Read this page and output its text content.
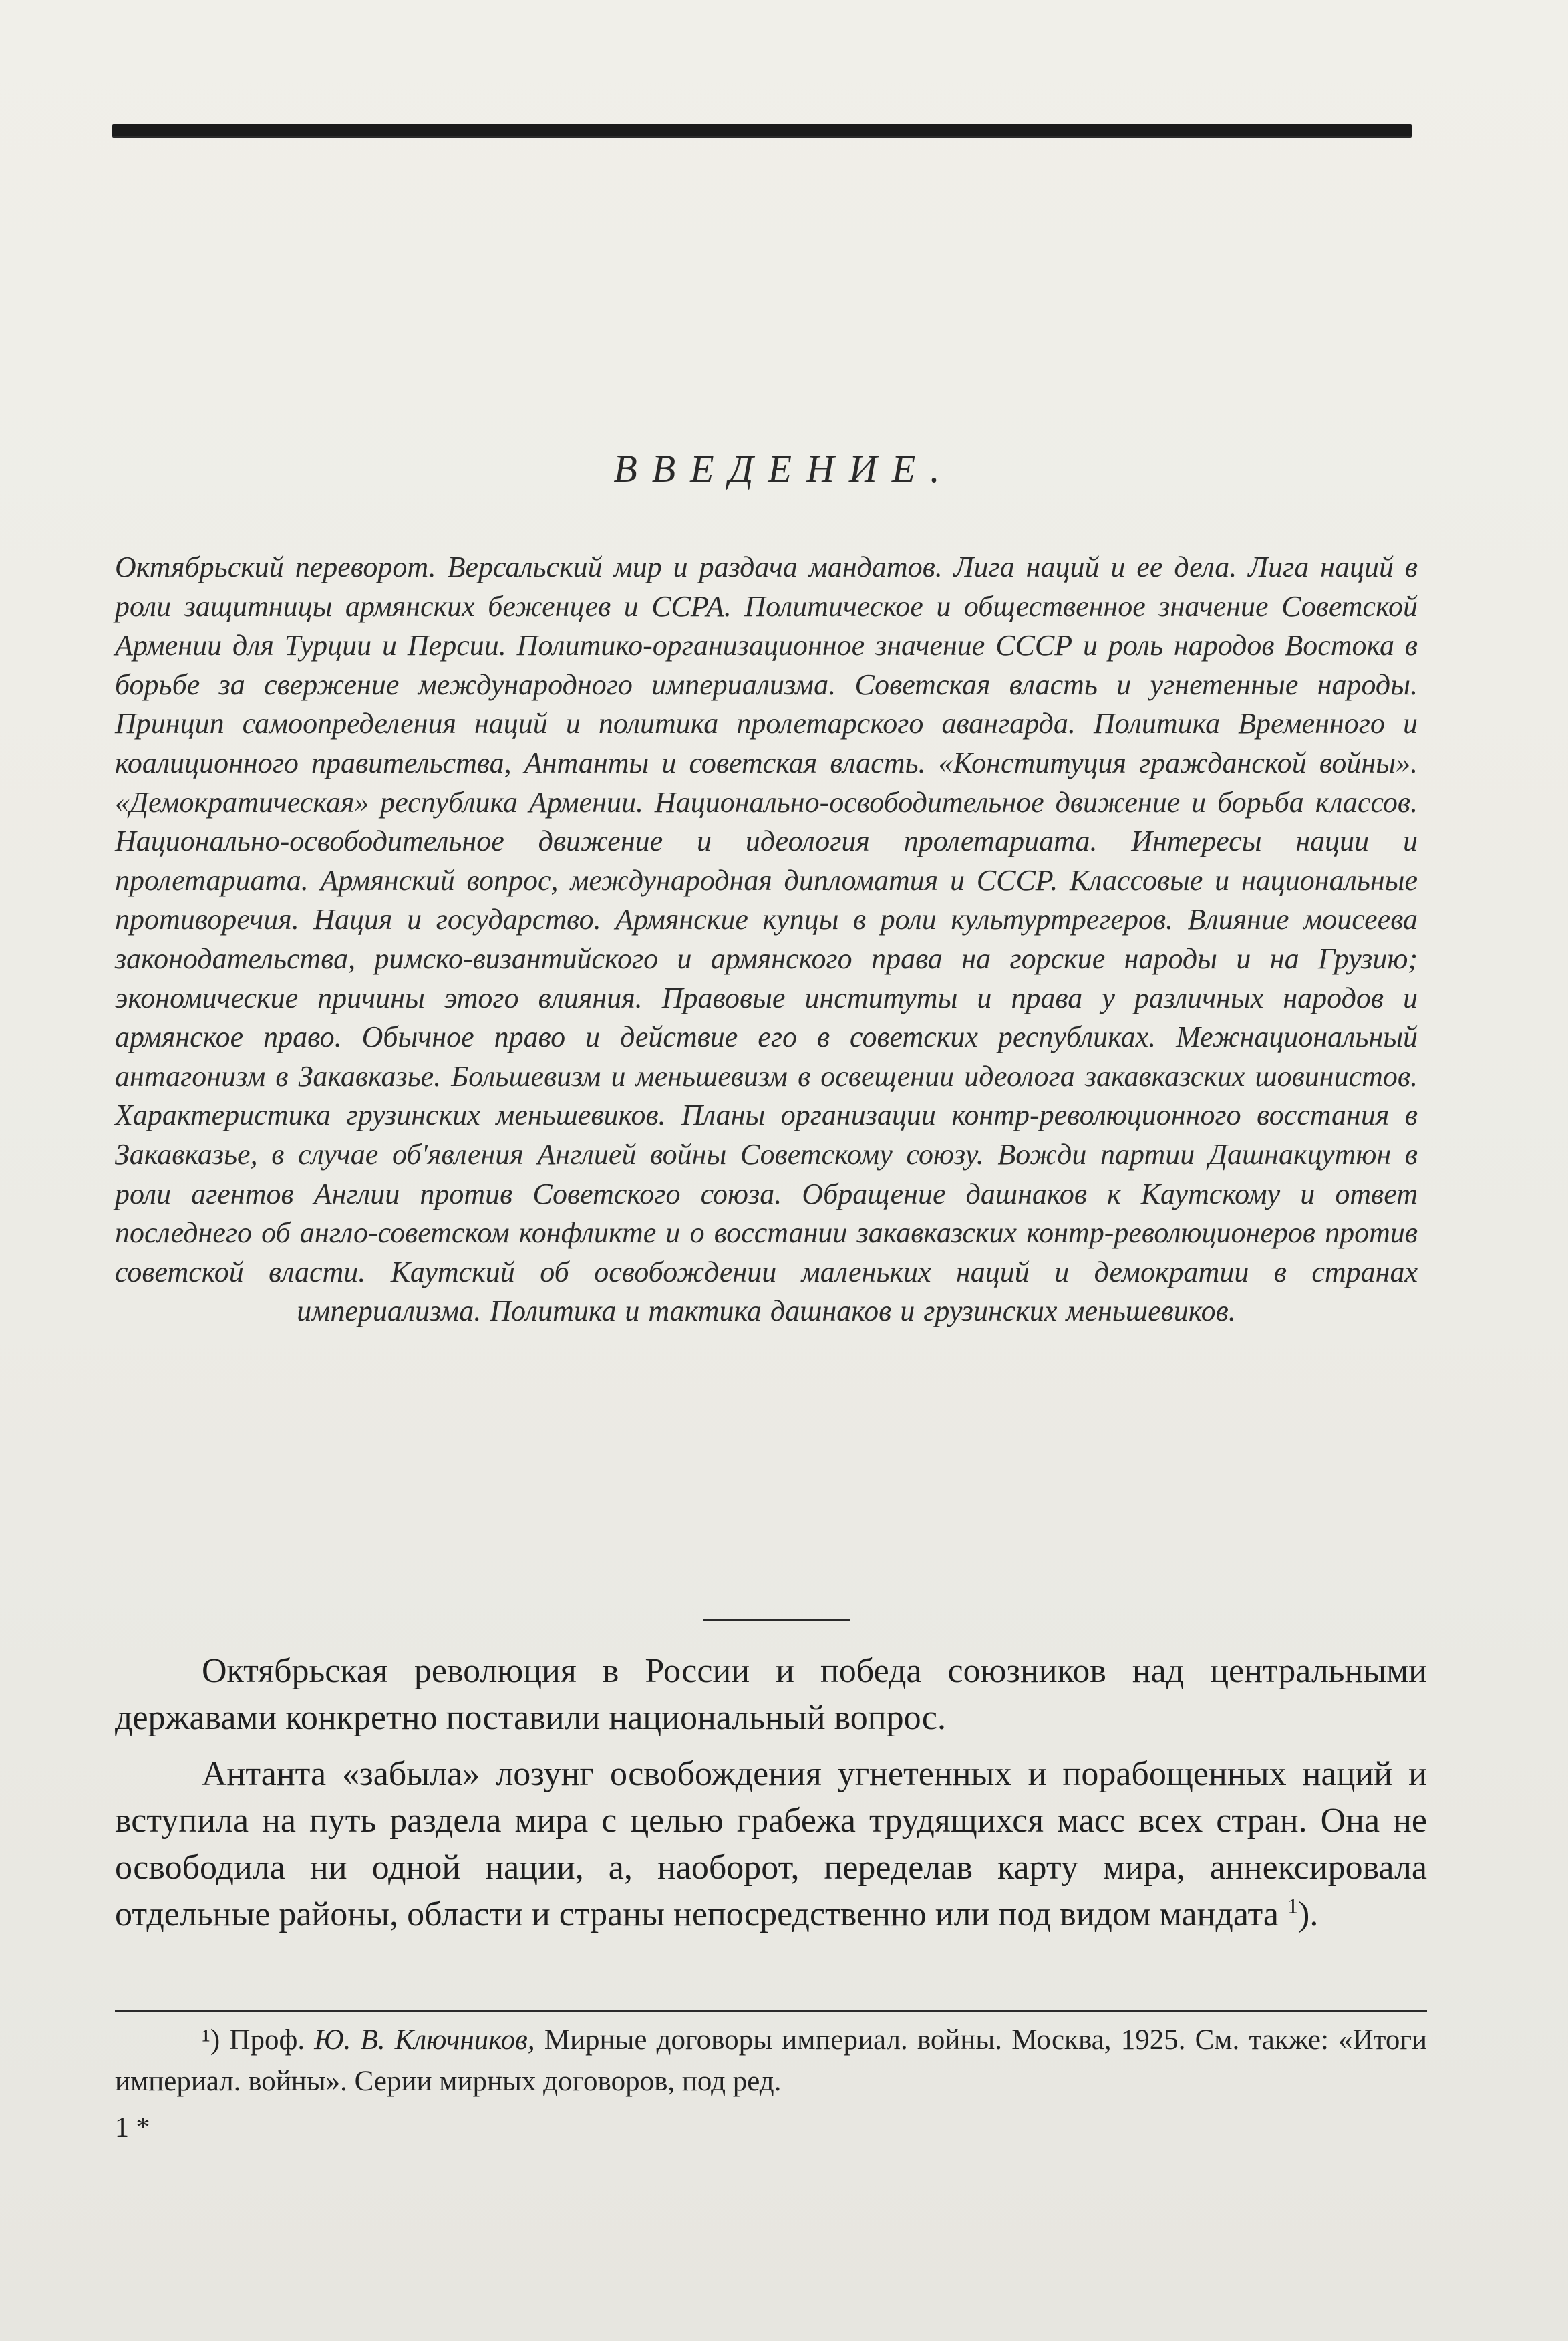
ВВЕДЕНИЕ.
Октябрьский переворот. Версальский мир и раздача мандатов. Лига наций и ее дела. Лига наций в роли защитницы армянских беженцев и ССРА. Политическое и общественное значение Советской Армении для Турции и Персии. Политико-организационное значение СССР и роль народов Востока в борьбе за свержение международного империализма. Советская власть и угнетенные народы. Принцип самоопределения наций и политика пролетарского авангарда. Политика Временного и коалиционного правительства, Антанты и советская власть. «Конституция гражданской войны». «Демократическая» республика Армении. Национально-освободительное движение и борьба классов. Национально-освободительное движение и идеология пролетариата. Интересы нации и пролетариата. Армянский вопрос, международная дипломатия и СССР. Классовые и национальные противоречия. Нация и государство. Армянские купцы в роли культуртрегеров. Влияние моисеева законодательства, римско-византийского и армянского права на горские народы и на Грузию; экономические причины этого влияния. Правовые институты и права у различных народов и армянское право. Обычное право и действие его в советских республиках. Межнациональный антагонизм в Закавказье. Большевизм и меньшевизм в освещении идеолога закавказских шовинистов. Характеристика грузинских меньшевиков. Планы организации контр-революционного восстания в Закавказье, в случае об'явления Англией войны Советскому союзу. Вожди партии Дашнакцутюн в роли агентов Англии против Советского союза. Обращение дашнаков к Каутскому и ответ последнего об англо-советском конфликте и о восстании закавказских контр-революционеров против советской власти. Каутский об освобождении маленьких наций и демократии в странах империализма. Политика и тактика дашнаков и грузинских меньшевиков.

Октябрьская революция в России и победа союзников над центральными державами конкретно поставили национальный вопрос.

Антанта «забыла» лозунг освобождения угнетенных и порабощенных наций и вступила на путь раздела мира с целью грабежа трудящихся масс всех стран. Она не освободила ни одной нации, а, наоборот, переделав карту мира, аннексировала отдельные районы, области и страны непосредственно или под видом мандата $^1$).

¹) Проф. Ю. В. Ключников, Мирные договоры империал. войны. Москва, 1925. См. также: «Итоги империал. войны». Серии мирных договоров, под ред.
1 *
